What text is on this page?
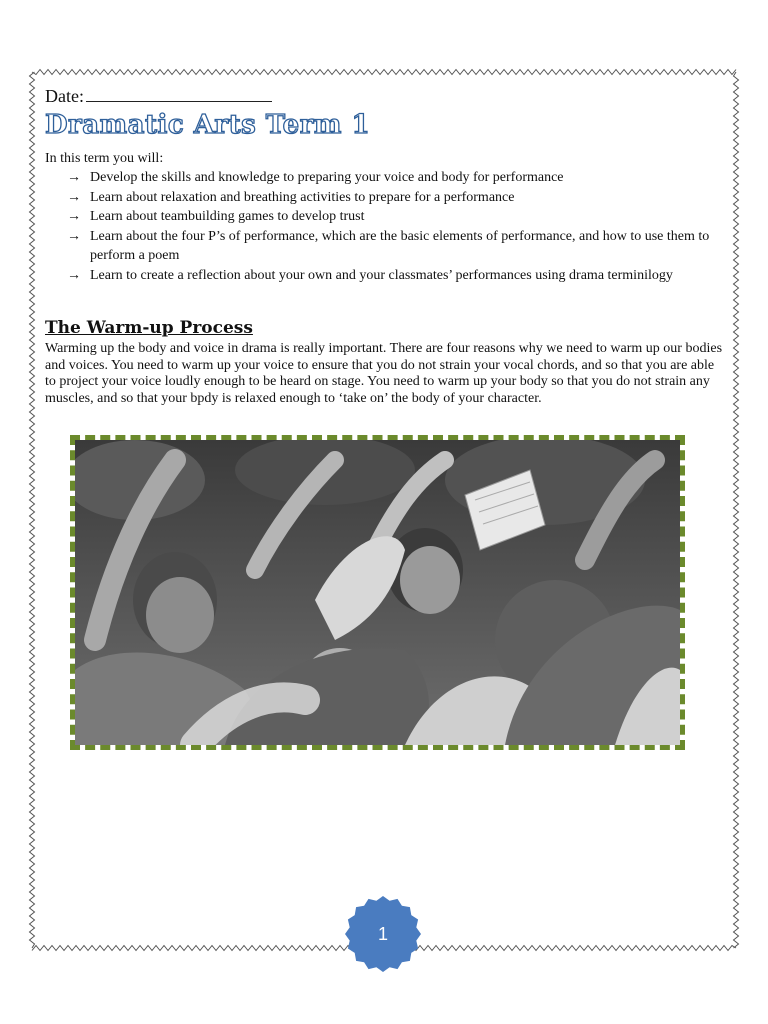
Date:
Dramatic Arts Term 1
In this term you will:
→ Develop the skills and knowledge to preparing your voice and body for performance
→ Learn about relaxation and breathing activities to prepare for a performance
→ Learn about teambuilding games to develop trust
→ Learn about the four P’s of performance, which are the basic elements of performance, and how to use them to perform a poem
→ Learn to create a reflection about your own and your classmates’ performances using drama terminilogy
The Warm-up Process
Warming up the body and voice in drama is really important. There are four reasons why we need to warm up our bodies and voices. You need to warm up your voice to ensure that you do not strain your vocal chords, and so that you are able to project your voice loudly enough to be heard on stage. You need to warm up your body so that you do not strain any muscles, and so that your bpdy is relaxed enough to ‘take on’ the body of your character.
1
